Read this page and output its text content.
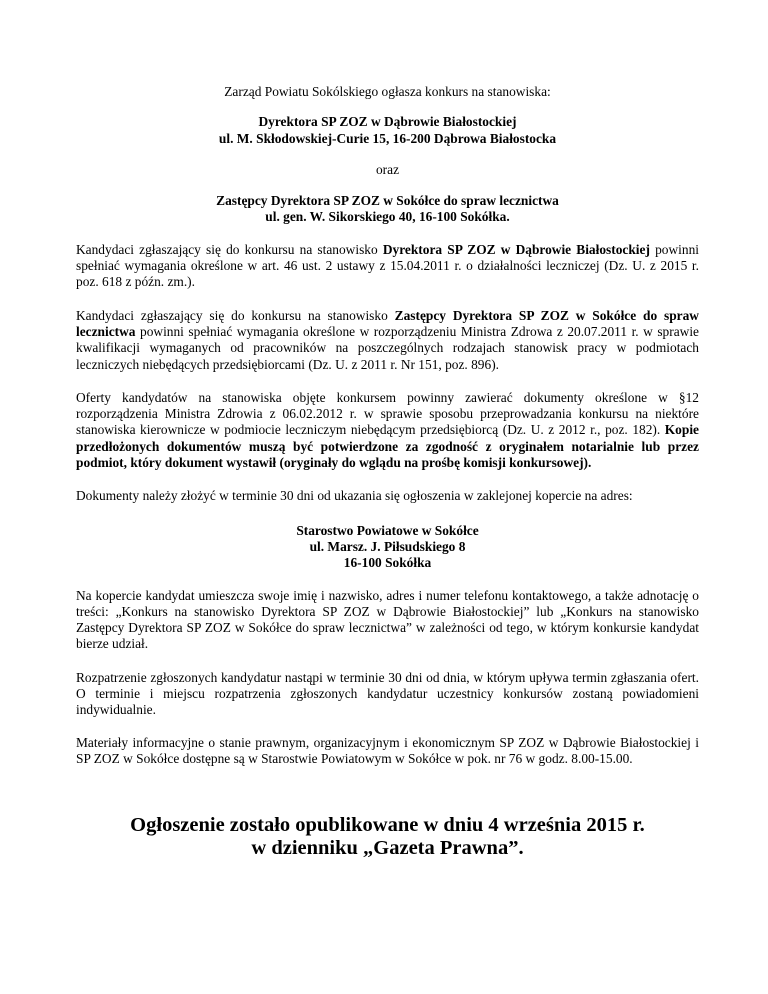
Zarząd Powiatu Sokólskiego ogłasza konkurs na stanowiska:
Dyrektora SP ZOZ w Dąbrowie Białostockiej
ul. M. Skłodowskiej-Curie 15, 16-200 Dąbrowa Białostocka
oraz
Zastępcy Dyrektora SP ZOZ w Sokółce do spraw lecznictwa
ul. gen. W. Sikorskiego 40, 16-100 Sokółka.
Kandydaci zgłaszający się do konkursu na stanowisko Dyrektora SP ZOZ w Dąbrowie Białostockiej powinni spełniać wymagania określone w art. 46 ust. 2 ustawy z 15.04.2011 r. o działalności leczniczej (Dz. U. z 2015 r. poz. 618 z późn. zm.).
Kandydaci zgłaszający się do konkursu na stanowisko Zastępcy Dyrektora SP ZOZ w Sokółce do spraw lecznictwa powinni spełniać wymagania określone w rozporządzeniu Ministra Zdrowa z 20.07.2011 r. w sprawie kwalifikacji wymaganych od pracowników na poszczególnych rodzajach stanowisk pracy w podmiotach leczniczych niebędących przedsiębiorcami (Dz. U. z 2011 r. Nr 151, poz. 896).
Oferty kandydatów na stanowiska objęte konkursem powinny zawierać dokumenty określone w §12 rozporządzenia Ministra Zdrowia z 06.02.2012 r. w sprawie sposobu przeprowadzania konkursu na niektóre stanowiska kierownicze w podmiocie leczniczym niebędącym przedsiębiorcą (Dz. U. z 2012 r., poz. 182). Kopie przedłożonych dokumentów muszą być potwierdzone za zgodność z oryginałem notarialnie lub przez podmiot, który dokument wystawił (oryginały do wglądu na prośbę komisji konkursowej).
Dokumenty należy złożyć w terminie 30 dni od ukazania się ogłoszenia w zaklejonej kopercie na adres:
Starostwo Powiatowe w Sokółce
ul. Marsz. J. Piłsudskiego 8
16-100 Sokółka
Na kopercie kandydat umieszcza swoje imię i nazwisko, adres i numer telefonu kontaktowego, a także adnotację o treści: „Konkurs na stanowisko Dyrektora SP ZOZ w Dąbrowie Białostockiej” lub „Konkurs na stanowisko Zastępcy Dyrektora SP ZOZ w Sokółce do spraw lecznictwa” w zależności od tego, w którym konkursie kandydat bierze udział.
Rozpatrzenie zgłoszonych kandydatur nastąpi w terminie 30 dni od dnia, w którym upływa termin zgłaszania ofert. O terminie i miejscu rozpatrzenia zgłoszonych kandydatur uczestnicy konkursów zostaną powiadomieni indywidualnie.
Materiały informacyjne o stanie prawnym, organizacyjnym i ekonomicznym SP ZOZ w Dąbrowie Białostockiej i SP ZOZ w Sokółce dostępne są w Starostwie Powiatowym w Sokółce w pok. nr 76 w godz. 8.00-15.00.
Ogłoszenie zostało opublikowane w dniu 4 września 2015 r.
w dzienniku „Gazeta Prawna”.
